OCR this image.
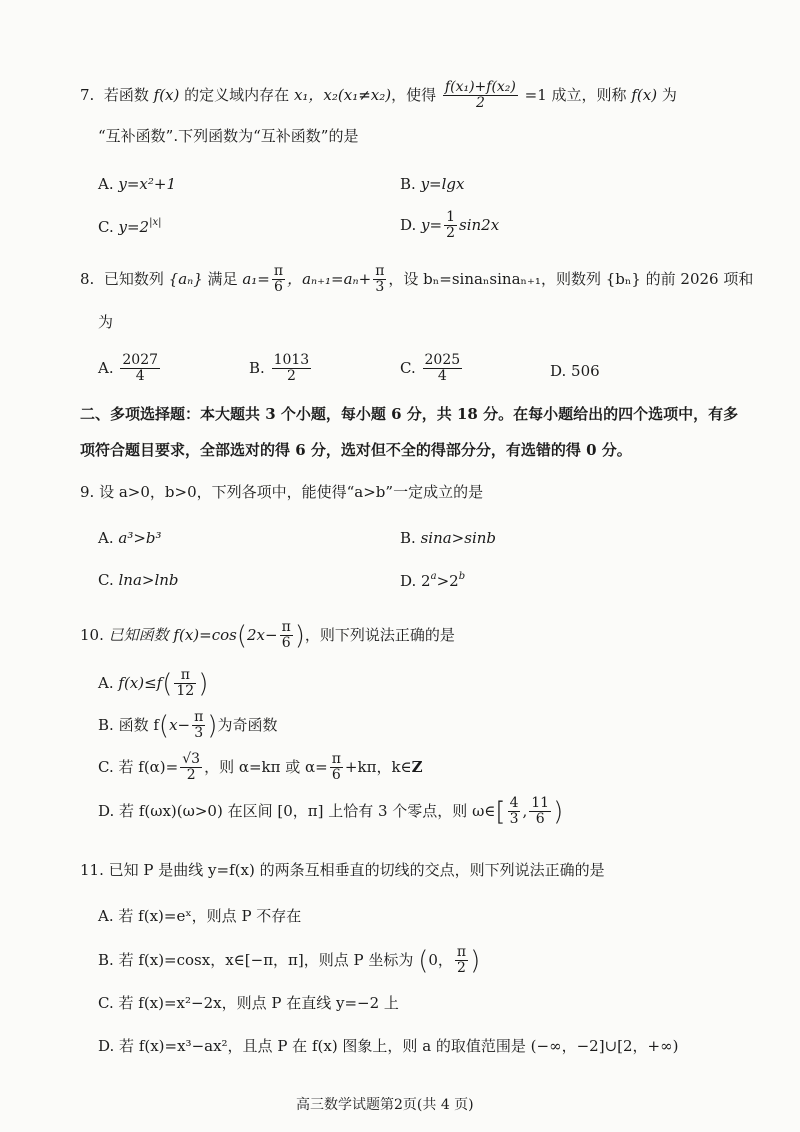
7. 若函数 f(x) 的定义域内存在 x₁，x₂(x₁≠x₂)，使得 $\frac{\text{f(x₁)+f(x₂)}}{2} =1$ 成立，则称 f(x) 为
“互补函数”.下列函数为“互补函数”的是
A. y=x²+1	B. y=lgx
C. $y=2^{|x|}$	D. $y= \frac{1}{2} \sin 2x$
8. 已知数列 {aₙ} 满足 $a_1= \frac{\pi}{6}$ ，$a_{n+1}=a_n+ \frac{\pi}{3}$ ，设 bₙ=sinaₙsinaₙ₊₁，则数列 {bₙ} 的前 2026 项和
为
A. $\frac{2027}{4}$	B. $\frac{1013}{2}$	C. $\frac{2025}{4}$	D. 506
二、多项选择题：本大题共 3 个小题，每小题 6 分，共 18 分。在每小题给出的四个选项中，有多
项符合题目要求，全部选对的得 6 分，选对但不全的得部分分，有选错的得 0 分。
9. 设 a>0，b>0，下列各项中，能使得“a>b”一定成立的是
A. a³>b³	B. sina>sinb
C. lna>lnb	D. $2^a>2^b$
10. 已知函数 $f(x)=\cos(2x- \frac{\pi}{6}$ )，则下列说法正确的是
A. $f(x)\le f( \frac{\pi}{12}$ )
B. 函数 $f(x- \frac{\pi}{3}$ )为奇函数
C. 若 $f(\alpha)= \frac{√3}{2}$ ，则 α=kπ 或 $\alpha= \frac{\pi}{6} +k\pi$，k∈Z
D. 若 f(ωx)(ω>0) 在区间 [0，π] 上恰有 3 个零点，则 ω∈[ $\frac{4}{3}$ , $\frac{11}{6}$ )
11. 已知 P 是曲线 y=f(x) 的两条互相垂直的切线的交点，则下列说法正确的是
A. 若 f(x)=eˣ，则点 P 不存在
B. 若 f(x)=cosx，x∈[−π，π]，则点 P 坐标为 (0， $\frac{\pi}{2}$ )
C. 若 f(x)=x²−2x，则点 P 在直线 y=−2 上
D. 若 f(x)=x³−ax²，且点 P 在 f(x) 图象上，则 a 的取值范围是 (−∞，−2]∪[2，+∞)
高三数学试题第2页(共 4 页)
